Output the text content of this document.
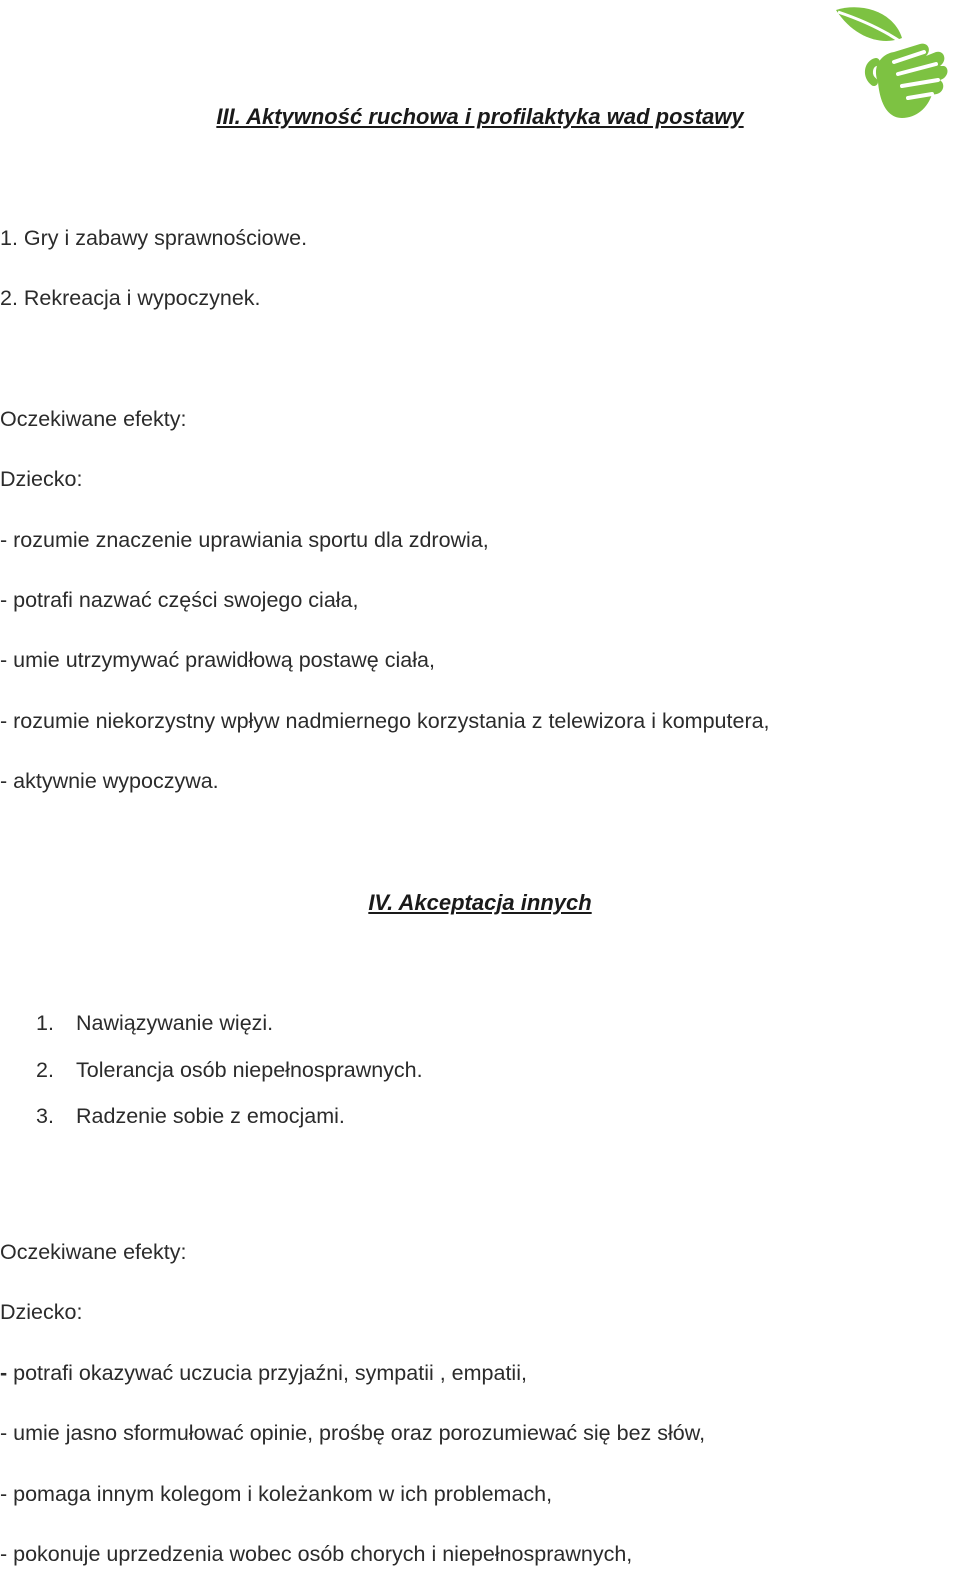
III. Aktywność ruchowa i profilaktyka wad postawy
1. Gry i zabawy sprawnościowe.
2. Rekreacja i wypoczynek.
Oczekiwane efekty:
Dziecko:
- rozumie znaczenie uprawiania sportu dla zdrowia,
- potrafi nazwać części swojego ciała,
- umie utrzymywać prawidłową postawę ciała,
- rozumie niekorzystny wpływ nadmiernego korzystania z telewizora i komputera,
- aktywnie wypoczywa.
IV. Akceptacja innych
1. Nawiązywanie więzi.
2. Tolerancja osób niepełnosprawnych.
3. Radzenie sobie z emocjami.
Oczekiwane efekty:
Dziecko:
- potrafi okazywać uczucia przyjaźni, sympatii , empatii,
- umie jasno sformułować opinie, prośbę oraz porozumiewać się bez słów,
- pomaga innym kolegom i koleżankom w ich problemach,
- pokonuje uprzedzenia wobec osób chorych i niepełnosprawnych,
